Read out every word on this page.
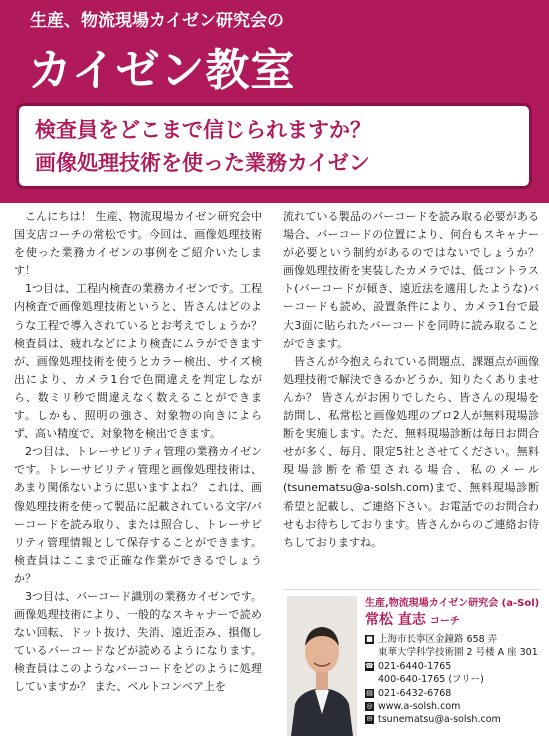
生産、物流現場カイゼン研究会の
カイゼン教室
検査員をどこまで信じられますか？
画像処理技術を使った業務カイゼン

こんにちは！ 生産、物流現場カイゼン研究会中国支店コーチの常松です。今回は、画像処理技術を使った業務カイゼンの事例をご紹介いたします！

1つ目は、工程内検査の業務カイゼンです。工程内検査で画像処理技術というと、皆さんはどのような工程で導入されているとお考えでしょうか？ 検査員は、疲れなどにより検査にムラができますが、画像処理技術を使うとカラー検出、サイズ検出により、カメラ1台で色間違えを判定しながら、数ミリ秒で間違えなく数えることができます。しかも、照明の強さ、対象物の向きによらず、高い精度で、対象物を検出できます。

2つ目は、トレーサビリティ管理の業務カイゼンです。トレーサビリティ管理と画像処理技術は、あまり関係ないように思いますよね？ これは、画像処理技術を使って製品に記載されている文字/バーコードを読み取り、または照合し、トレーサビリティ管理情報として保存することができます。検査員はここまで正確な作業ができるでしょうか？

3つ目は、バーコード識別の業務カイゼンです。画像処理技術により、一般的なスキャナーで読めない回転、ドット抜け、失消、遠近歪み、損傷しているバーコードなどが読めるようになります。検査員はこのようなバーコードをどのように処理していますか？ また、ベルトコンベア上を

流れている製品のバーコードを読み取る必要がある場合、バーコードの位置により、何台もスキャナーが必要という制約があるのではないでしょうか？ 画像処理技術を実装したカメラでは、低コントラスト(バーコードが傾き、遠近法を適用したような)バーコードも読め、設置条件により、カメラ1台で最大3面に貼られたバーコードを同時に読み取ることができます。

皆さんが今抱えられている問題点、課題点が画像処理技術で解決できるかどうか、知りたくありませんか？ 皆さんがお困りでしたら、皆さんの現場を訪問し、私常松と画像処理のプロ2人が無料現場診断を実施します。ただ、無料現場診断は毎日お問合せが多く、毎月、限定5社とさせてください。無料現場診断を希望される場合、私のメール(tsunematsu@a-solsh.com)まで、無料現場診断希望と記載し、ご連絡下さい。お電話でのお問合わせもお待ちしております。皆さんからのご連絡お待ちしておりますね。

生産,物流現場カイゼン研究会 (a-Sol)
常松 直志 コーチ
■ 上海市长寧区金鐘路 658 弄
東華大学科学技術園 2 号楼 A 座 301
☎ 021-6440-1765
400-640-1765 (フリー)
▤ 021-6432-6768
◎ www.a-solsh.com
✉ tsunematsu@a-solsh.com
